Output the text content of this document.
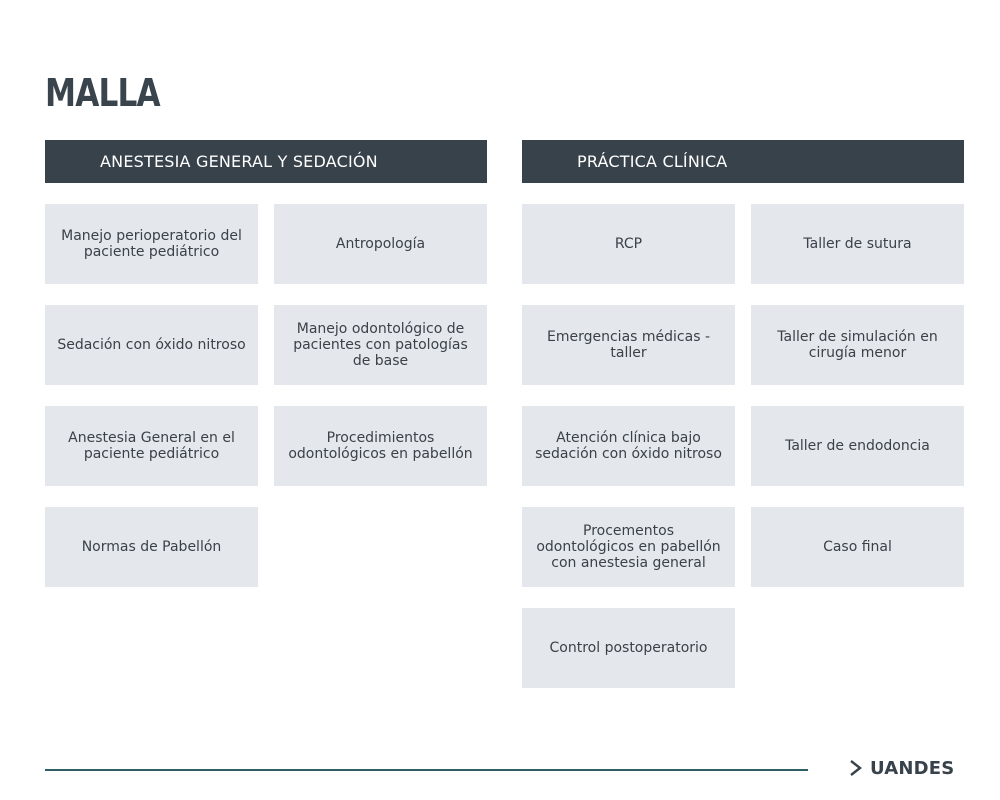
MALLA
ANESTESIA GENERAL Y SEDACIÓN	PRÁCTICA CLÍNICA
Manejo perioperatorio del paciente pediátrico	Antropología
Sedación con óxido nitroso
Manejo odontológico de pacientes con patologías de base
Anestesia General en el paciente pediátrico
Procedimientos odontológicos en pabellón
Normas de Pabellón
RCP	Taller de sutura
Emergencias médicas - taller
Taller de simulación en cirugía menor
Atención clínica bajo sedación con óxido nitroso	Taller de endodoncia
Procementos odontológicos en pabellón con anestesia general
Caso final
Control postoperatorio
UANDES
